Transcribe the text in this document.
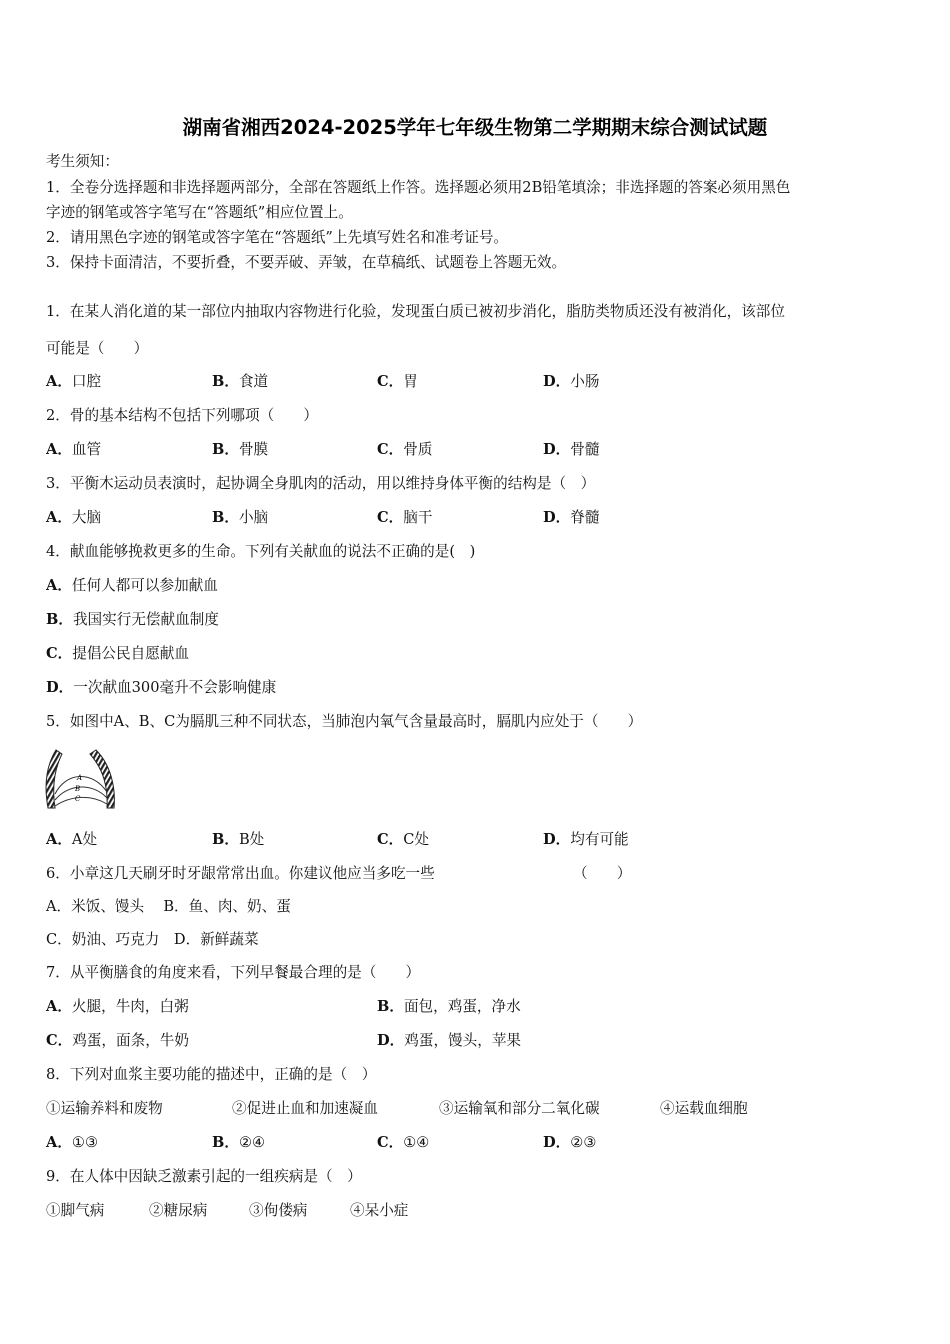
湖南省湘西2024-2025学年七年级生物第二学期期末综合测试试题
考生须知：
1．全卷分选择题和非选择题两部分，全部在答题纸上作答。选择题必须用2B铅笔填涂；非选择题的答案必须用黑色
字迹的钢笔或答字笔写在“答题纸”相应位置上。
2．请用黑色字迹的钢笔或答字笔在“答题纸”上先填写姓名和准考证号。
3．保持卡面清洁，不要折叠，不要弄破、弄皱，在草稿纸、试题卷上答题无效。
1．在某人消化道的某一部位内抽取内容物进行化验，发现蛋白质已被初步消化，脂肪类物质还没有被消化，该部位
可能是（　　）
A．口腔	B．食道	C．胃	D．小肠
2．骨的基本结构不包括下列哪项（　　）
A．血管	B．骨膜	C．骨质	D．骨髓
3．平衡木运动员表演时，起协调全身肌肉的活动，用以维持身体平衡的结构是（　）
A．大脑	B．小脑	C．脑干	D．脊髓
4．献血能够挽救更多的生命。下列有关献血的说法不正确的是(　)
A．任何人都可以参加献血
B．我国实行无偿献血制度
C．提倡公民自愿献血
D．一次献血300毫升不会影响健康
5．如图中A、B、C为膈肌三种不同状态，当肺泡内氧气含量最高时，膈肌内应处于（　　）
A
B
C
A．A处	B．B处	C．C处	D．均有可能
6．小章这几天刷牙时牙龈常常出血。你建议他应当多吃一些	（　　）
A．米饭、馒头　 B．鱼、肉、奶、蛋
C．奶油、巧克力　D．新鲜蔬菜
7．从平衡膳食的角度来看，下列早餐最合理的是（　　）
A．火腿，牛肉，白粥	B．面包，鸡蛋，净水
C．鸡蛋，面条，牛奶	D．鸡蛋，馒头，苹果
8．下列对血浆主要功能的描述中，正确的是（　）
①运输养料和废物	②促进止血和加速凝血	③运输氧和部分二氧化碳	④运载血细胞
A．①③	B．②④	C．①④	D．②③
9．在人体中因缺乏激素引起的一组疾病是（　）
①脚气病	②糖尿病	③佝偻病	④呆小症
